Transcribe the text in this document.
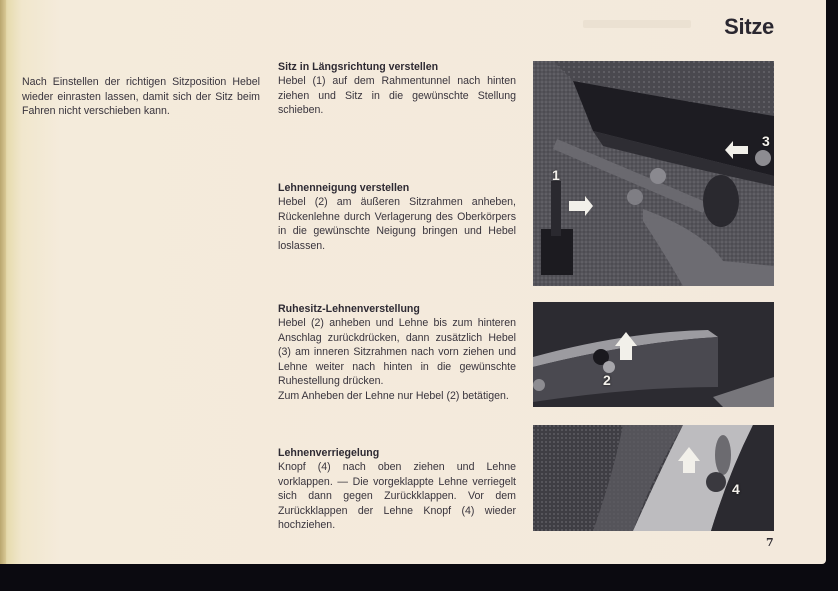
Sitze
Nach Einstellen der richtigen Sitzposition Hebel wieder einrasten lassen, damit sich der Sitz beim Fahren nicht verschieben kann.
Sitz in Längsrichtung verstellen

Hebel (1) auf dem Rahmentunnel nach hinten ziehen und Sitz in die gewünschte Stellung schieben.

Lehnenneigung verstellen

Hebel (2) am äußeren Sitzrahmen anheben, Rückenlehne durch Verlagerung des Oberkörpers in die gewünschte Neigung bringen und Hebel loslassen.

Ruhesitz-Lehnenverstellung

Hebel (2) anheben und Lehne bis zum hinteren Anschlag zurückdrücken, dann zusätzlich Hebel (3) am inneren Sitzrahmen nach vorn ziehen und Lehne weiter nach hinten in die gewünschte Ruhestellung drücken.

Zum Anheben der Lehne nur Hebel (2) betätigen.

Lehnenverriegelung

Knopf (4) nach oben ziehen und Lehne vorklappen. — Die vorgeklappte Lehne verriegelt sich dann gegen Zurückklappen. Vor dem Zurückklappen der Lehne Knopf (4) wieder hochziehen.

1
3
2
4
7
